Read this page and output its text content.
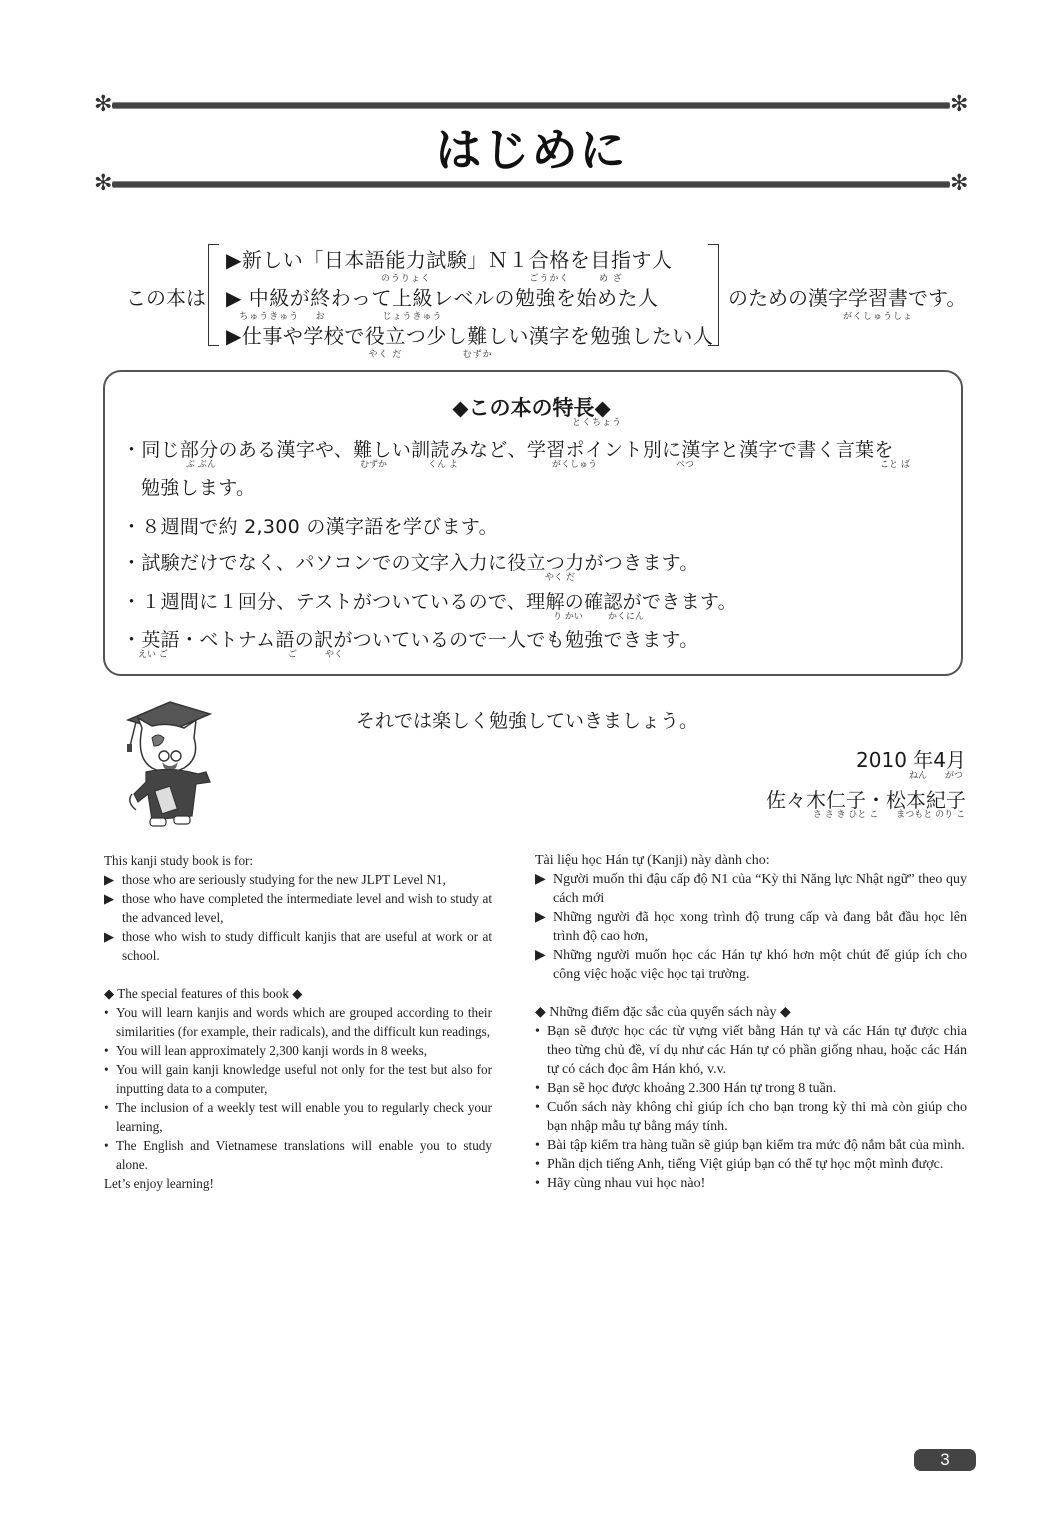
✻	✻
はじめに
✻	✻
この本は
▶新しい「日本語能力
のうりょく
試験」Ｎ１合格
ごうかく
を目指
め ざ
す人
▶ 中級
ちゅうきゅう
が終
お
わって上級
じょうきゅう
レベルの勉強を始めた人
▶仕事や学校で役立
やく だ
つ少し難
むずか
しい漢字を勉強したい人
のための漢字学習書
がくしゅうしょ
です。
◆この本の特長◆
とくちょう
・同じ部分のある漢字や、難しい訓読みなど、学習ポイント別に漢字と漢字で書く言葉を
ぶ ぶん	むずか	くん よ	がくしゅう	べつ	こと ば
勉強します。
・８週間で約 2,300 の漢字語を学びます。
・試験だけでなく、パソコンでの文字入力に役立つ力がつきます。
やく だ
・１週間に１回分、テストがついているので、理解の確認ができます。
り かい	かくにん
・英語・ベトナム語の訳がついているので一人でも勉強できます。
えい ご	ご	やく
それでは楽しく勉強していきましょう。
2010 年4月
ねん　　がつ
佐々木仁子・松本紀子
さ さ き ひと こ　　まつもと のり こ

This kanji study book is for:

▶ those who are seriously studying for the new JLPT Level N1,
▶ those who have completed the intermediate level and wish to study at the advanced level,
▶ those who wish to study difficult kanjis that are useful at work or at school.

◆ The special features of this book ◆

• You will learn kanjis and words which are grouped according to their similarities (for example, their radicals), and the difficult kun readings,
• You will lean approximately 2,300 kanji words in 8 weeks,
• You will gain kanji knowledge useful not only for the test but also for inputting data to a computer,
• The inclusion of a weekly test will enable you to regularly check your learning,
• The English and Vietnamese translations will enable you to study alone.

Let’s enjoy learning!

Tài liệu học Hán tự (Kanji) này dành cho:

▶ Người muốn thi đậu cấp độ N1 của “Kỳ thi Năng lực Nhật ngữ” theo quy cách mới
▶ Những người đã học xong trình độ trung cấp và đang bắt đầu học lên trình độ cao hơn,
▶ Những người muốn học các Hán tự khó hơn một chút để giúp ích cho công việc hoặc việc học tại trường.

◆ Những điểm đặc sắc của quyển sách này ◆

• Bạn sẽ được học các từ vựng viết bằng Hán tự và các Hán tự được chia theo từng chủ đề, ví dụ như các Hán tự có phần giống nhau, hoặc các Hán tự có cách đọc âm Hán khó, v.v.
• Bạn sẽ học được khoảng 2.300 Hán tự trong 8 tuần.
• Cuốn sách này không chỉ giúp ích cho bạn trong kỳ thi mà còn giúp cho bạn nhập mẫu tự bằng máy tính.
• Bài tập kiểm tra hàng tuần sẽ giúp bạn kiểm tra mức độ nắm bắt của mình.
• Phần dịch tiếng Anh, tiếng Việt giúp bạn có thể tự học một mình được.
• Hãy cùng nhau vui học nào!
3
